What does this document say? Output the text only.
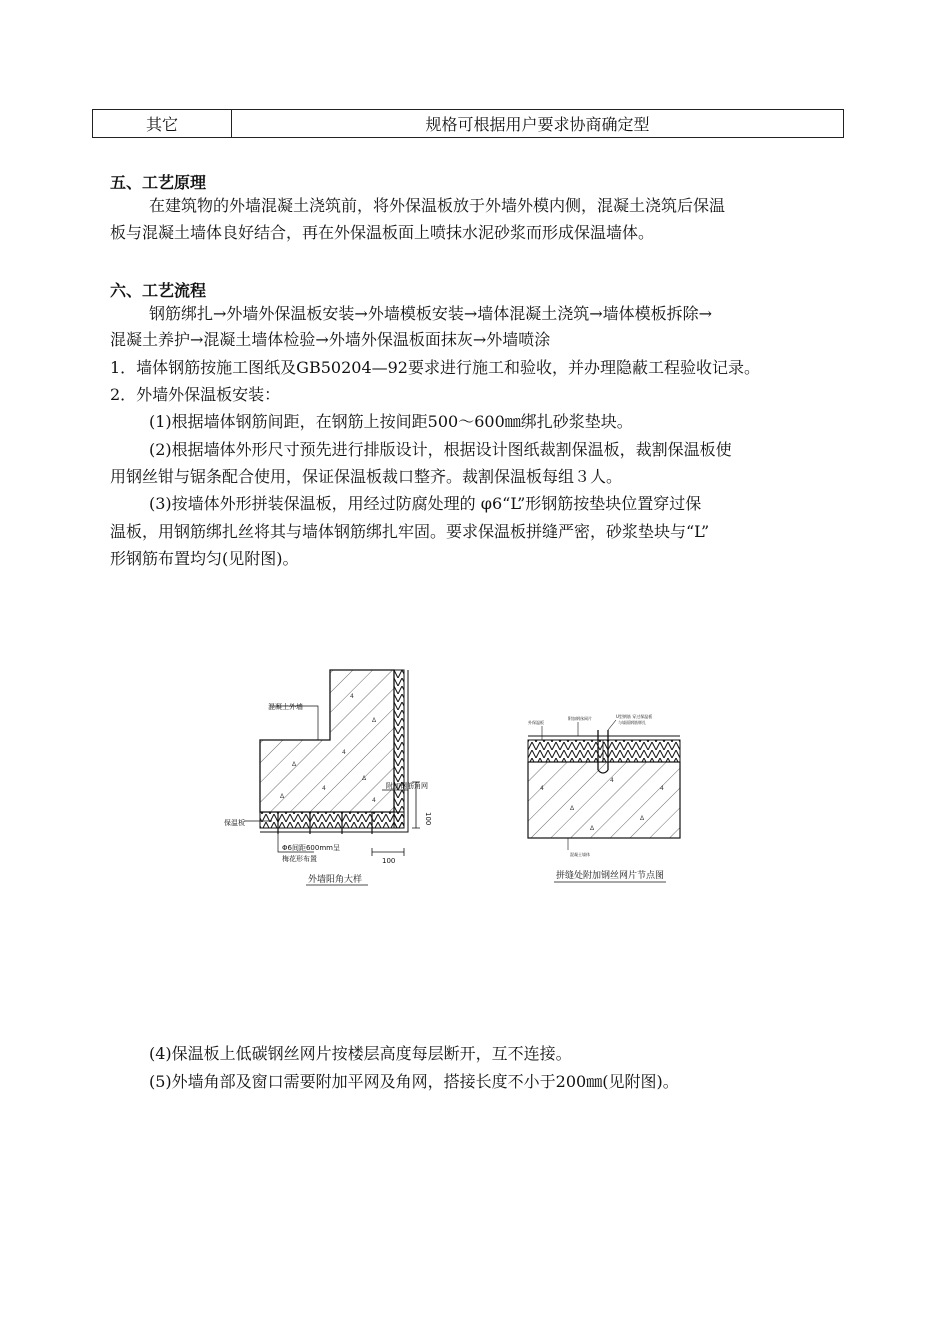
其它	规格可根据用户要求协商确定型
五、工艺原理
在建筑物的外墙混凝土浇筑前，将外保温板放于外墙外模内侧，混凝土浇筑后保温
板与混凝土墙体良好结合，再在外保温板面上喷抹水泥砂浆而形成保温墙体。
六、工艺流程
钢筋绑扎→外墙外保温板安装→外墙模板安装→墙体混凝土浇筑→墙体模板拆除→
混凝土养护→混凝土墙体检验→外墙外保温板面抹灰→外墙喷涂
1．墙体钢筋按施工图纸及GB50204—92要求进行施工和验收，并办理隐蔽工程验收记录。
2．外墙外保温板安装：
(1)根据墙体钢筋间距，在钢筋上按间距500～600㎜绑扎砂浆垫块。
(2)根据墙体外形尺寸预先进行排版设计，根据设计图纸裁割保温板，裁割保温板使
用钢丝钳与锯条配合使用，保证保温板裁口整齐。裁割保温板每组３人。
(3)按墙体外形拼装保温板，用经过防腐处理的 φ6“L”形钢筋按垫块位置穿过保
温板，用钢筋绑扎丝将其与墙体钢筋绑扎牢固。要求保温板拼缝严密，砂浆垫块与“L”
形钢筋布置均匀(见附图)。
4
Δ
4
Δ
4
Δ
Δ
4
混凝土外墙
附加钢筋角网
保温板
Φ6间距600mm呈
梅花形布置
100
100
外墙阳角大样
4
Δ
4
Δ
4
Δ
外保温板
附加钢丝网片	U型钢筋 穿过保温板
与墙面钢筋绑扎
混凝土墙体
拼缝处附加钢丝网片节点图
(4)保温板上低碳钢丝网片按楼层高度每层断开，互不连接。
(5)外墙角部及窗口需要附加平网及角网，搭接长度不小于200㎜(见附图)。
